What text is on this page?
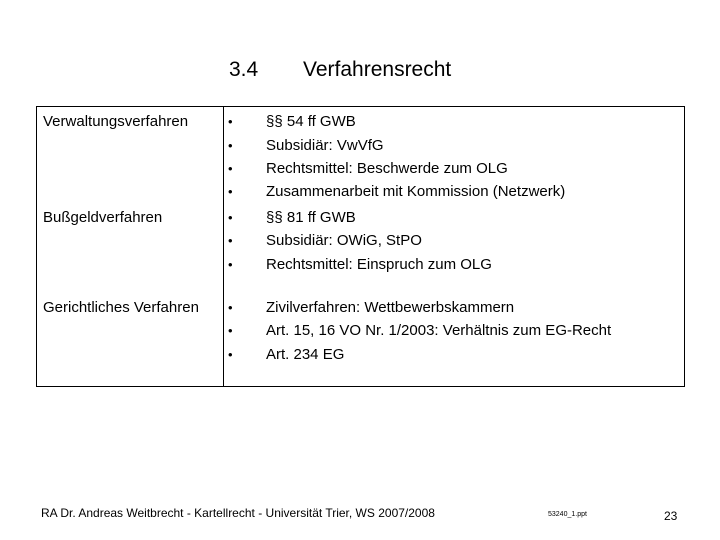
3.4 Verfahrensrecht
Verwaltungsverfahren	• §§ 54 ff GWB
• Subsidiär: VwVfG
• Rechtsmittel: Beschwerde zum OLG
• Zusammenarbeit mit Kommission (Netzwerk)
Bußgeldverfahren	• §§ 81 ff GWB
• Subsidiär: OWiG, StPO
• Rechtsmittel: Einspruch zum OLG
Gerichtliches Verfahren • Zivilverfahren: Wettbewerbskammern
• Art. 15, 16 VO Nr. 1/2003: Verhältnis zum EG-Recht
• Art. 234 EG
RA Dr. Andreas Weitbrecht - Kartellrecht - Universität Trier, WS 2007/2008	53240_1.ppt	23
